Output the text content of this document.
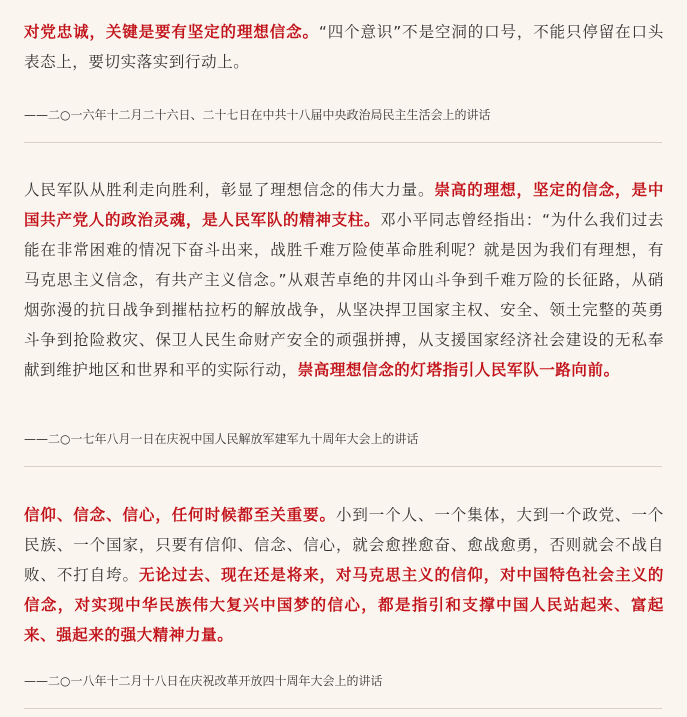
对党忠诚，关键是要有坚定的理想信念。“四个意识”不是空洞的口号，不能只停留在口头表态上，要切实落实到行动上。
——二○一六年十二月二十六日、二十七日在中共十八届中央政治局民主生活会上的讲话
人民军队从胜利走向胜利，彰显了理想信念的伟大力量。崇高的理想，坚定的信念，是中国共产党人的政治灵魂，是人民军队的精神支柱。邓小平同志曾经指出：“为什么我们过去能在非常困难的情况下奋斗出来，战胜千难万险使革命胜利呢？就是因为我们有理想，有马克思主义信念，有共产主义信念。”从艰苦卓绝的井冈山斗争到千难万险的长征路，从硝烟弥漫的抗日战争到摧枯拉朽的解放战争，从坚决捍卫国家主权、安全、领土完整的英勇斗争到抢险救灾、保卫人民生命财产安全的顽强拼搏，从支援国家经济社会建设的无私奉献到维护地区和世界和平的实际行动，崇高理想信念的灯塔指引人民军队一路向前。
——二○一七年八月一日在庆祝中国人民解放军建军九十周年大会上的讲话
信仰、信念、信心，任何时候都至关重要。小到一个人、一个集体，大到一个政党、一个民族、一个国家，只要有信仰、信念、信心，就会愈挫愈奋、愈战愈勇，否则就会不战自败、不打自垮。无论过去、现在还是将来，对马克思主义的信仰，对中国特色社会主义的信念，对实现中华民族伟大复兴中国梦的信心，都是指引和支撑中国人民站起来、富起来、强起来的强大精神力量。
——二○一八年十二月十八日在庆祝改革开放四十周年大会上的讲话
